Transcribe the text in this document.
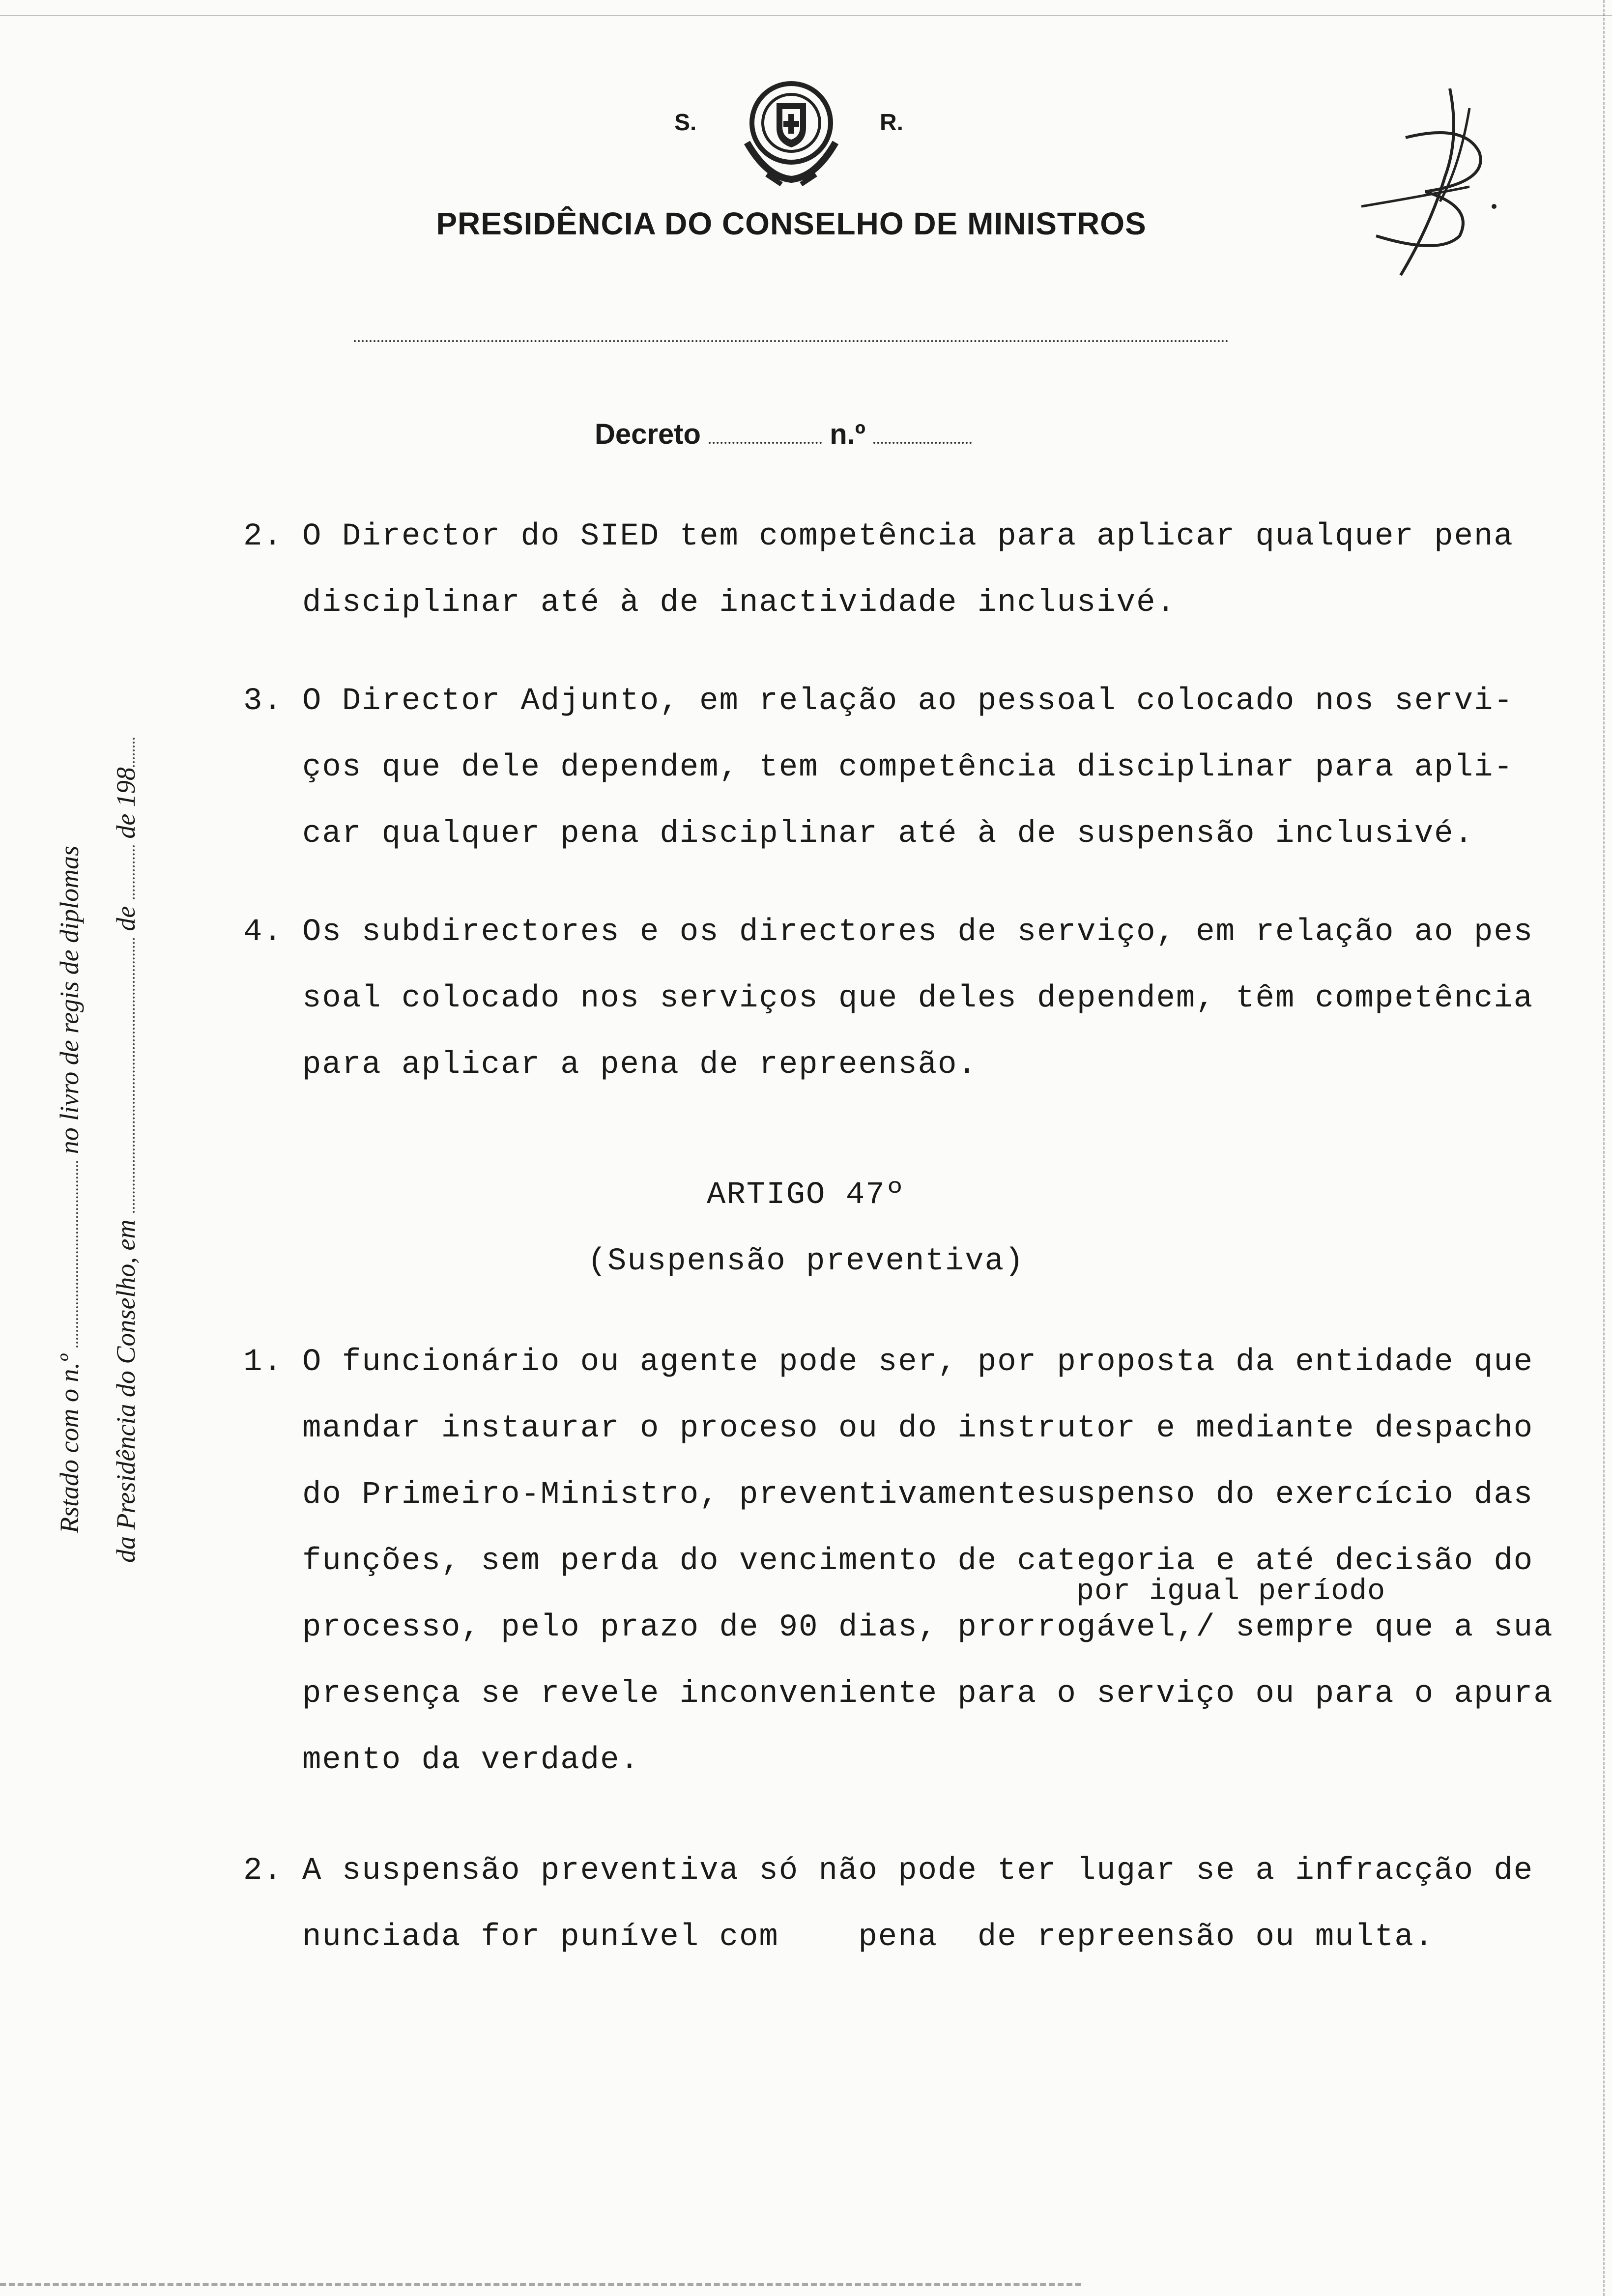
S.	R.
PRESIDÊNCIA DO CONSELHO DE MINISTROS
Decreto	n.º
Rstado com o n.º  no livro de regis de diplomas
da Presidência do Conselho, em  de  de 198
2. O Director do SIED tem competência para aplicar qualquer pena
disciplinar até à de inactividade inclusivé.
3. O Director Adjunto, em relação ao pessoal colocado nos servi-
ços que dele dependem, tem competência disciplinar para apli-
car qualquer pena disciplinar até à de suspensão inclusivé.
4. Os subdirectores e os directores de serviço, em relação ao pes
soal colocado nos serviços que deles dependem, têm competência
para aplicar a pena de repreensão.
ARTIGO 47º
(Suspensão preventiva)
1. O funcionário ou agente pode ser, por proposta da entidade que
mandar instaurar o proceso ou do instrutor e mediante despacho
do Primeiro-Ministro, preventivamentesuspenso do exercício das
funções, sem perda do vencimento de categoria e até decisão do
por igual período
processo, pelo prazo de 90 dias, prorrogável,/ sempre que a sua
presença se revele inconveniente para o serviço ou para o apura
mento da verdade.
2. A suspensão preventiva só não pode ter lugar se a infracção de
nunciada for punível com    pena  de repreensão ou multa.
